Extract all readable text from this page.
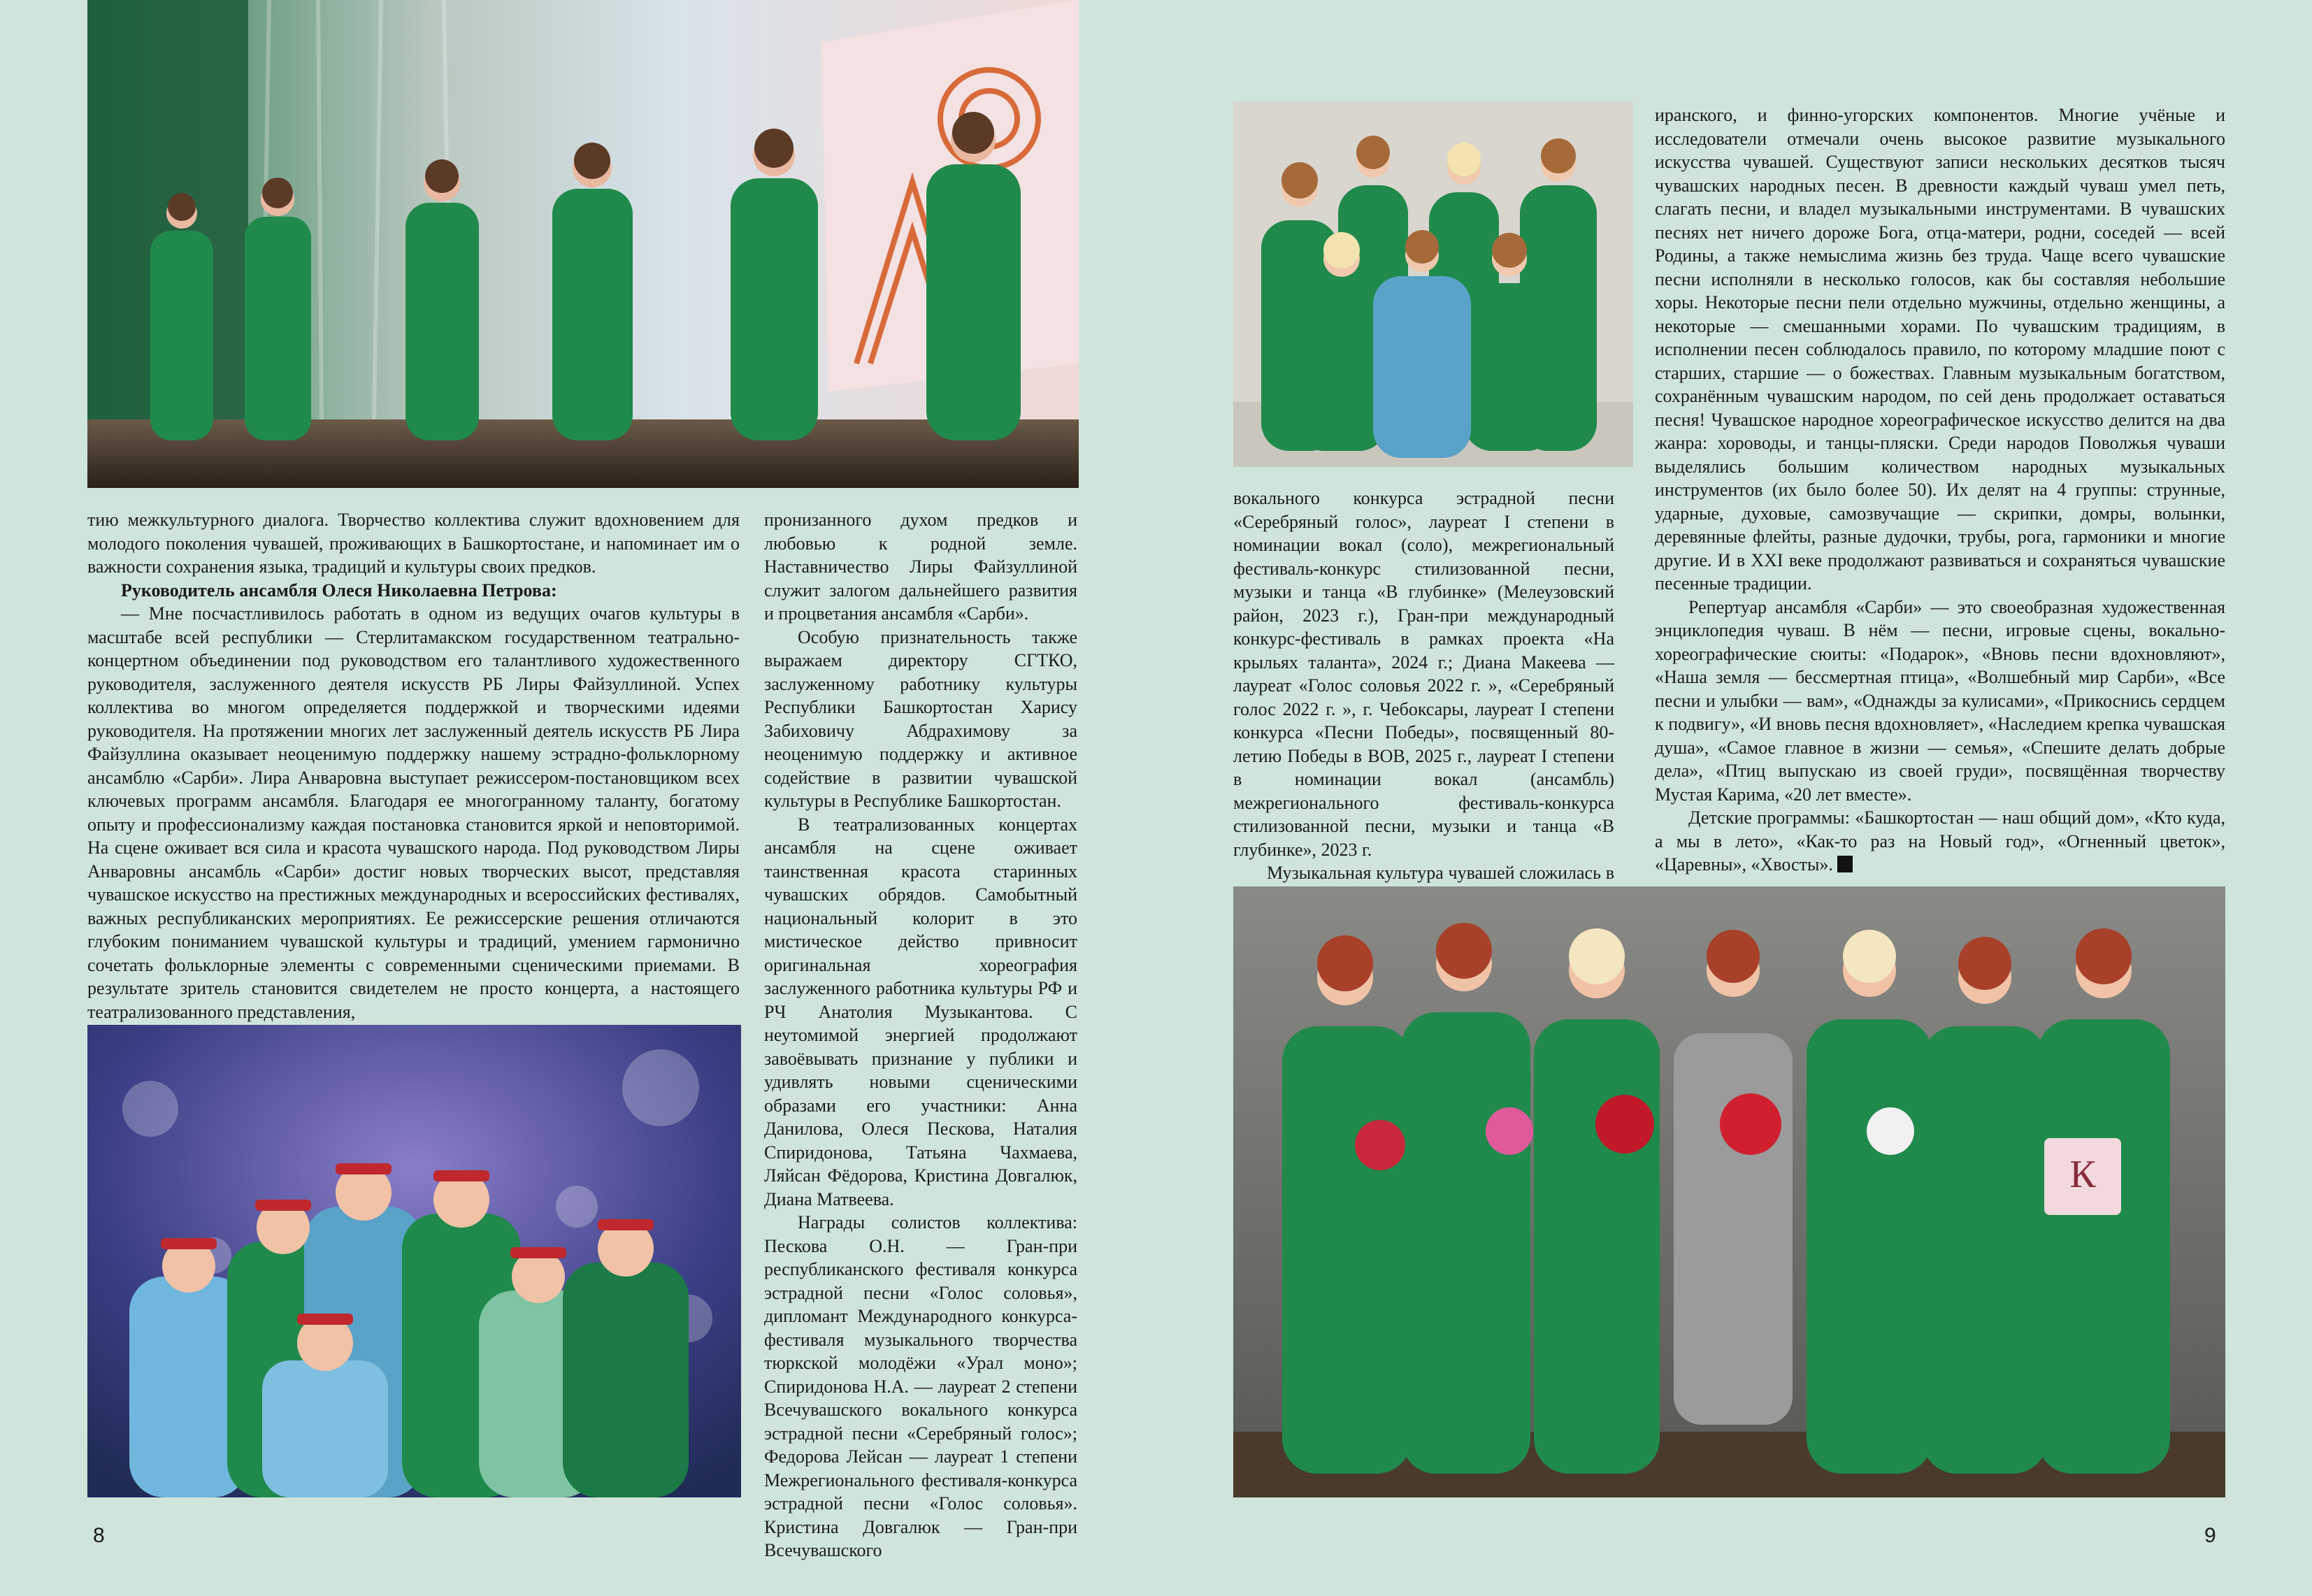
тию межкультурного диалога. Творчество коллектива служит вдохновением для молодого поколения чувашей, проживающих в Башкортостане, и напоминает им о важности сохранения языка, традиций и культуры своих предков.

Руководитель ансамбля Олеся Николаевна Петрова:

— Мне посчастливилось работать в одном из ведущих очагов культуры в масштабе всей республики — Стерлитамакском государственном театрально-концертном объединении под руководством его талантливого художественного руководителя, заслуженного деятеля искусств РБ Лиры Файзуллиной. Успех коллектива во многом определяется поддержкой и творческими идеями руководителя. На протяжении многих лет заслуженный деятель искусств РБ Лира Файзуллина оказывает неоценимую поддержку нашему эстрадно-фольклорному ансамблю «Сарби». Лира Анваровна выступает режиссером-постановщиком всех ключевых программ ансамбля. Благодаря ее многогранному таланту, богатому опыту и профессионализму каждая постановка становится яркой и неповторимой. На сцене оживает вся сила и красота чувашского народа. Под руководством Лиры Анваровны ансамбль «Сарби» достиг новых творческих высот, представляя чувашское искусство на престижных международных и всероссийских фестивалях, важных республиканских мероприятиях. Ее режиссерские решения отличаются глубоким пониманием чувашской культуры и традиций, умением гармонично сочетать фольклорные элементы с современными сценическими приемами. В результате зритель становится свидетелем не просто концерта, а настоящего театрализованного представления,

пронизанного духом предков и любовью к родной земле. Наставничество Лиры Файзуллиной служит залогом дальнейшего развития и процветания ансамбля «Сарби».

Особую признательность также выражаем директору СГТКО, заслуженному работнику культуры Республики Башкортостан Харису Забиховичу Абдрахимову за неоценимую поддержку и активное содействие в развитии чувашской культуры в Республике Башкортостан.

В театрализованных концертах ансамбля на сцене оживает таинственная красота старинных чувашских обрядов. Самобытный национальный колорит в это мистическое действо привносит оригинальная хореография заслуженного работника культуры РФ и РЧ Анатолия Музыкантова. С неутомимой энергией продолжают завоёвывать признание у публики и удивлять новыми сценическими образами его участники: Анна Данилова, Олеся Пескова, Наталия Спиридонова, Татьяна Чахмаева, Ляйсан Фёдорова, Кристина Довгалюк, Диана Матвеева.

Награды солистов коллектива: Пескова О.Н. — Гран-при республиканского фестиваля конкурса эстрадной песни «Голос соловья», дипломант Международного конкурса-фестиваля музыкального творчества тюркской молодёжи «Урал моно»; Спиридонова Н.А. — лауреат 2 степени Всечувашского вокального конкурса эстрадной песни «Серебряный голос»; Федорова Лейсан — лауреат 1 степени Межрегионального фестиваля-конкурса эстрадной песни «Голос соловья». Кристина Довгалюк — Гран-при Всечувашского

вокального конкурса эстрадной песни «Серебряный голос», лауреат I степени в номинации вокал (соло), межрегиональный фестиваль-конкурс стилизованной песни, музыки и танца «В глубинке» (Мелеузовский район, 2023 г.), Гран-при международный конкурс-фестиваль в рамках проекта «На крыльях таланта», 2024 г.; Диана Макеева — лауреат «Голос соловья 2022 г. », «Серебряный голос 2022 г. », г. Чебоксары, лауреат I степени конкурса «Песни Победы», посвященный 80-летию Победы в ВОВ, 2025 г., лауреат I степени в номинации вокал (ансамбль) межрегионального фестиваль-конкурса стилизованной песни, музыки и танца «В глубинке», 2023 г.

Музыкальная культура чувашей сложилась в

иранского, и финно-угорских компонентов. Многие учёные и исследователи отмечали очень высокое развитие музыкального искусства чувашей. Существуют записи нескольких десятков тысяч чувашских народных песен. В древности каждый чуваш умел петь, слагать песни, и владел музыкальными инструментами. В чувашских песнях нет ничего дороже Бога, отца-матери, родни, соседей — всей Родины, а также немыслима жизнь без труда. Чаще всего чувашские песни исполняли в несколько голосов, как бы составляя небольшие хоры. Некоторые песни пели отдельно мужчины, отдельно женщины, а некоторые — смешанными хорами. По чувашским традициям, в исполнении песен соблюдалось правило, по которому младшие поют с старших, старшие — о божествах. Главным музыкальным богатством, сохранённым чувашским народом, по сей день продолжает оставаться песня! Чувашское народное хореографическое искусство делится на два жанра: хороводы, и танцы-пляски. Среди народов Поволжья чуваши выделялись большим количеством народных музыкальных инструментов (их было более 50). Их делят на 4 группы: струнные, ударные, духовые, самозвучащие — скрипки, домры, волынки, деревянные флейты, разные дудочки, трубы, рога, гармоники и многие другие. И в XXI веке продолжают развиваться и сохраняться чувашские песенные традиции.

Репертуар ансамбля «Сарби» — это своеобразная художественная энциклопедия чуваш. В нём — песни, игровые сцены, вокально-хореографические сюиты: «Подарок», «Вновь песни вдохновляют», «Наша земля — бессмертная птица», «Волшебный мир Сарби», «Все песни и улыбки — вам», «Однажды за кулисами», «Прикоснись сердцем к подвигу», «И вновь песня вдохновляет», «Наследием крепка чувашская душа», «Самое главное в жизни — семья», «Спешите делать добрые дела», «Птиц выпускаю из своей груди», посвящённая творчеству Мустая Карима, «20 лет вместе».

Детские программы: «Башкортостан — наш общий дом», «Кто куда, а мы в лето», «Как-то раз на Новый год», «Огненный цветок», «Царевны», «Хвосты».

К
8	9
